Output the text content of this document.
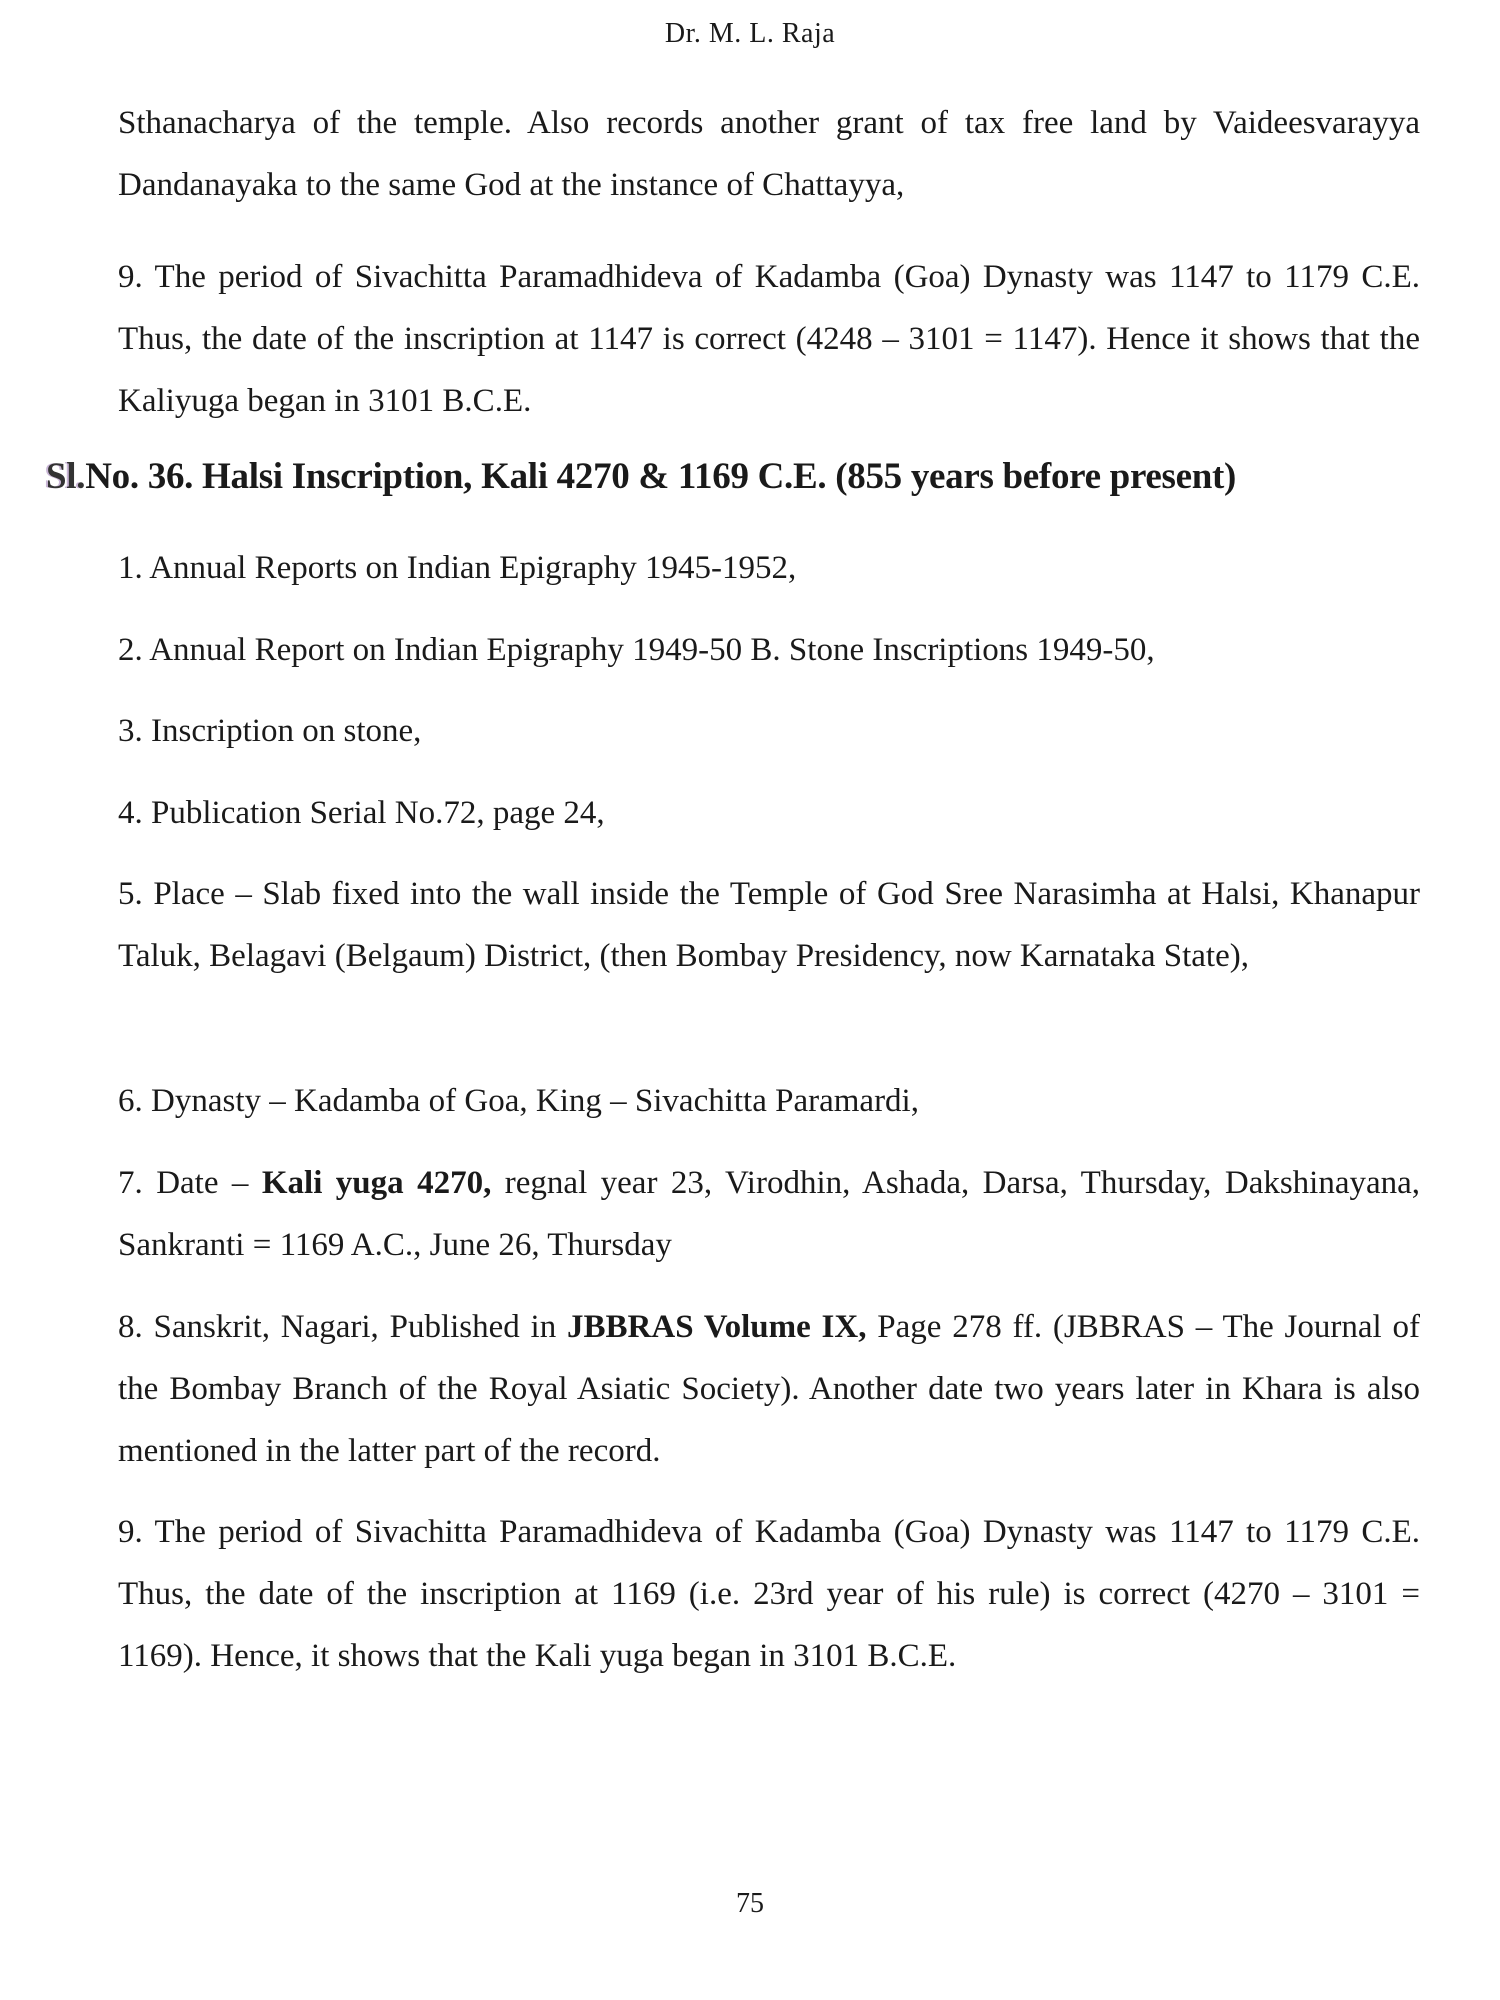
Dr. M. L. Raja

Sthanacharya of the temple. Also records another grant of tax free land by Vaideesvarayya Dandanayaka to the same God at the instance of Chattayya,

9. The period of Sivachitta Paramadhideva of Kadamba (Goa) Dynasty was 1147 to 1179 C.E. Thus, the date of the inscription at 1147 is correct (4248 – 3101 = 1147). Hence it shows that the Kaliyuga began in 3101 B.C.E.

Sl.No. 36. Halsi Inscription, Kali 4270 & 1169 C.E. (855 years before present)

1. Annual Reports on Indian Epigraphy 1945-1952,

2. Annual Report on Indian Epigraphy 1949-50 B. Stone Inscriptions 1949-50,

3. Inscription on stone,

4. Publication Serial No.72, page 24,

5. Place – Slab fixed into the wall inside the Temple of God Sree Narasimha at Halsi, Khanapur Taluk, Belagavi (Belgaum) District, (then Bombay Presidency, now Karnataka State),

6. Dynasty – Kadamba of Goa, King – Sivachitta Paramardi,

7. Date – Kali yuga 4270, regnal year 23, Virodhin, Ashada, Darsa, Thursday, Dakshinayana, Sankranti = 1169 A.C., June 26, Thursday

8. Sanskrit, Nagari, Published in JBBRAS Volume IX, Page 278 ff. (JBBRAS – The Journal of the Bombay Branch of the Royal Asiatic Society). Another date two years later in Khara is also mentioned in the latter part of the record.

9. The period of Sivachitta Paramadhideva of Kadamba (Goa) Dynasty was 1147 to 1179 C.E. Thus, the date of the inscription at 1169 (i.e. 23rd year of his rule) is correct (4270 – 3101 = 1169). Hence, it shows that the Kali yuga began in 3101 B.C.E.

75
